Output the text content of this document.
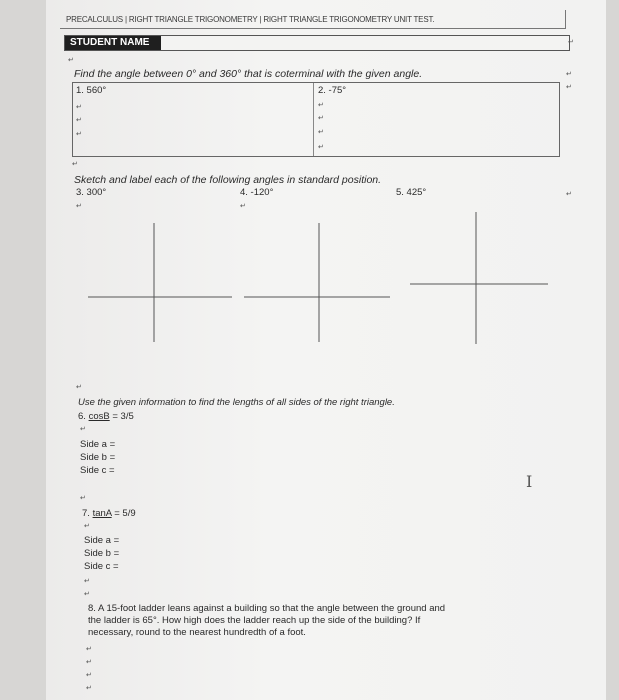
PRECALCULUS | RIGHT TRIANGLE TRIGONOMETRY | RIGHT TRIANGLE TRIGONOMETRY UNIT TEST.
STUDENT NAME
Find the angle between 0° and 360° that is coterminal with the given angle.
1. 560°	2. -75°
Sketch and label each of the following angles in standard position.
3. 300°	4. -120°	5. 425°
Use the given information to find the lengths of all sides of the right triangle.
6. cosB = 3/5
Side a =
Side b =
Side c =
7. tanA = 5/9
Side a =
Side b =
Side c =
8. A 15-foot ladder leans against a building so that the angle between the ground and
the ladder is 65°. How high does the ladder reach up the side of the building? If
necessary, round to the nearest hundredth of a foot.
I
↵
↵
↵
↵
↵
↵
↵
↵
↵
↵
↵
↵
↵
↵	↵
↵
↵
↵
↵
↵
↵
↵
↵
↵
↵
